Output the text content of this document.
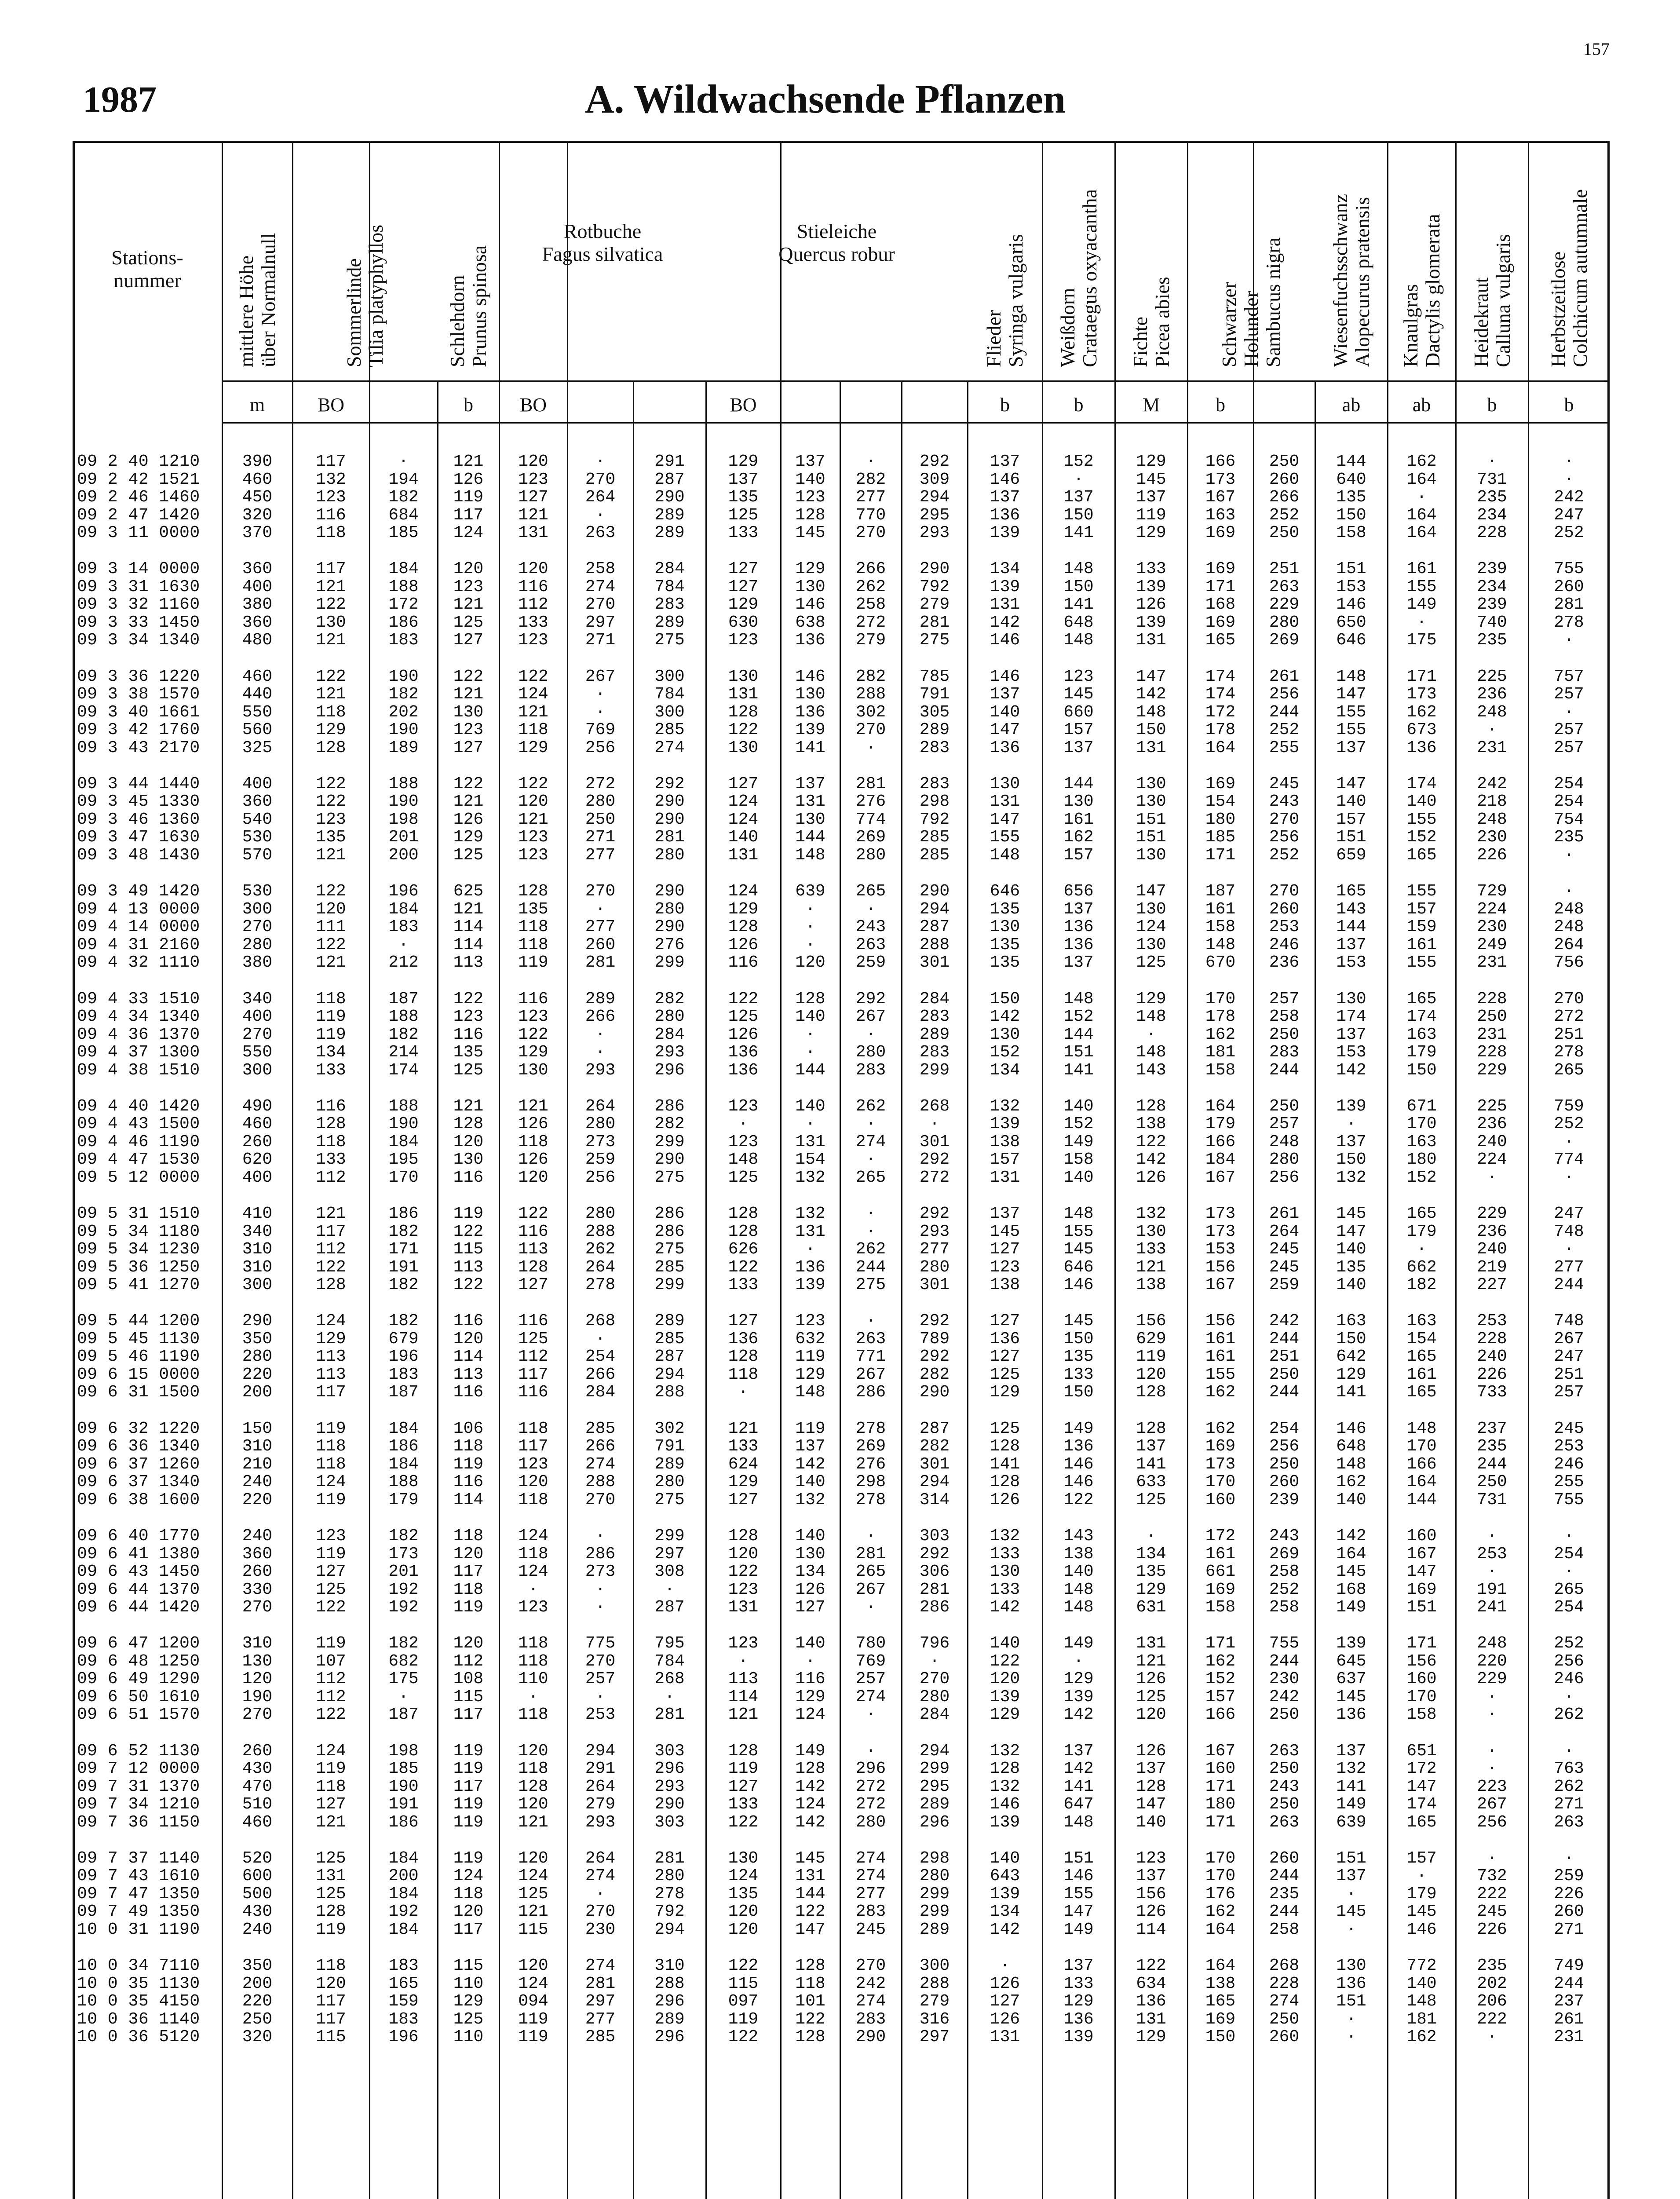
157
1987	A. Wildwachsende Pflanzen
Stations-
nummer
mittlere Höhe
über Normalnull
m
Sommerlinde
Tilia platyphyllos
BO
Schlehdorn
Prunus spinosa
b
Rotbuche
Fagus silvatica
BO
Stieleiche
Quercus robur
BO
Flieder
Syringa vulgaris
b
Weißdorn
Crataegus oxyacantha
b
Fichte
Picea abies
M
Schwarzer
Holunder
Sambucus nigra
b
Wiesenfuchsschwanz
Alopecurus pratensis
ab
Knaulgras
Dactylis glomerata
ab
Heidekraut
Calluna vulgaris
b
Herbstzeitlose
Colchicum autumnale
b
09 2 40 1210	390	117	·	121	120	·	291	129	137	·	292	137	152	129	166	250	144	162	·	·
09 2 42 1521	460	132	194	126	123	270	287	137	140	282	309	146	·	145	173	260	640	164	731	·
09 2 46 1460	450	123	182	119	127	264	290	135	123	277	294	137	137	137	167	266	135	·	235	242
09 2 47 1420	320	116	684	117	121	·	289	125	128	770	295	136	150	119	163	252	150	164	234	247
09 3 11 0000	370	118	185	124	131	263	289	133	145	270	293	139	141	129	169	250	158	164	228	252
09 3 14 0000	360	117	184	120	120	258	284	127	129	266	290	134	148	133	169	251	151	161	239	755
09 3 31 1630	400	121	188	123	116	274	784	127	130	262	792	139	150	139	171	263	153	155	234	260
09 3 32 1160	380	122	172	121	112	270	283	129	146	258	279	131	141	126	168	229	146	149	239	281
09 3 33 1450	360	130	186	125	133	297	289	630	638	272	281	142	648	139	169	280	650	·	740	278
09 3 34 1340	480	121	183	127	123	271	275	123	136	279	275	146	148	131	165	269	646	175	235	·
09 3 36 1220	460	122	190	122	122	267	300	130	146	282	785	146	123	147	174	261	148	171	225	757
09 3 38 1570	440	121	182	121	124	·	784	131	130	288	791	137	145	142	174	256	147	173	236	257
09 3 40 1661	550	118	202	130	121	·	300	128	136	302	305	140	660	148	172	244	155	162	248	·
09 3 42 1760	560	129	190	123	118	769	285	122	139	270	289	147	157	150	178	252	155	673	·	257
09 3 43 2170	325	128	189	127	129	256	274	130	141	·	283	136	137	131	164	255	137	136	231	257
09 3 44 1440	400	122	188	122	122	272	292	127	137	281	283	130	144	130	169	245	147	174	242	254
09 3 45 1330	360	122	190	121	120	280	290	124	131	276	298	131	130	130	154	243	140	140	218	254
09 3 46 1360	540	123	198	126	121	250	290	124	130	774	792	147	161	151	180	270	157	155	248	754
09 3 47 1630	530	135	201	129	123	271	281	140	144	269	285	155	162	151	185	256	151	152	230	235
09 3 48 1430	570	121	200	125	123	277	280	131	148	280	285	148	157	130	171	252	659	165	226	·
09 3 49 1420	530	122	196	625	128	270	290	124	639	265	290	646	656	147	187	270	165	155	729	·
09 4 13 0000	300	120	184	121	135	·	280	129	·	·	294	135	137	130	161	260	143	157	224	248
09 4 14 0000	270	111	183	114	118	277	290	128	·	243	287	130	136	124	158	253	144	159	230	248
09 4 31 2160	280	122	·	114	118	260	276	126	·	263	288	135	136	130	148	246	137	161	249	264
09 4 32 1110	380	121	212	113	119	281	299	116	120	259	301	135	137	125	670	236	153	155	231	756
09 4 33 1510	340	118	187	122	116	289	282	122	128	292	284	150	148	129	170	257	130	165	228	270
09 4 34 1340	400	119	188	123	123	266	280	125	140	267	283	142	152	148	178	258	174	174	250	272
09 4 36 1370	270	119	182	116	122	·	284	126	·	·	289	130	144	·	162	250	137	163	231	251
09 4 37 1300	550	134	214	135	129	·	293	136	·	280	283	152	151	148	181	283	153	179	228	278
09 4 38 1510	300	133	174	125	130	293	296	136	144	283	299	134	141	143	158	244	142	150	229	265
09 4 40 1420	490	116	188	121	121	264	286	123	140	262	268	132	140	128	164	250	139	671	225	759
09 4 43 1500	460	128	190	128	126	280	282	·	·	·	·	139	152	138	179	257	·	170	236	252
09 4 46 1190	260	118	184	120	118	273	299	123	131	274	301	138	149	122	166	248	137	163	240	·
09 4 47 1530	620	133	195	130	126	259	290	148	154	·	292	157	158	142	184	280	150	180	224	774
09 5 12 0000	400	112	170	116	120	256	275	125	132	265	272	131	140	126	167	256	132	152	·	·
09 5 31 1510	410	121	186	119	122	280	286	128	132	·	292	137	148	132	173	261	145	165	229	247
09 5 34 1180	340	117	182	122	116	288	286	128	131	·	293	145	155	130	173	264	147	179	236	748
09 5 34 1230	310	112	171	115	113	262	275	626	·	262	277	127	145	133	153	245	140	·	240	·
09 5 36 1250	310	122	191	113	128	264	285	122	136	244	280	123	646	121	156	245	135	662	219	277
09 5 41 1270	300	128	182	122	127	278	299	133	139	275	301	138	146	138	167	259	140	182	227	244
09 5 44 1200	290	124	182	116	116	268	289	127	123	·	292	127	145	156	156	242	163	163	253	748
09 5 45 1130	350	129	679	120	125	·	285	136	632	263	789	136	150	629	161	244	150	154	228	267
09 5 46 1190	280	113	196	114	112	254	287	128	119	771	292	127	135	119	161	251	642	165	240	247
09 6 15 0000	220	113	183	113	117	266	294	118	129	267	282	125	133	120	155	250	129	161	226	251
09 6 31 1500	200	117	187	116	116	284	288	·	148	286	290	129	150	128	162	244	141	165	733	257
09 6 32 1220	150	119	184	106	118	285	302	121	119	278	287	125	149	128	162	254	146	148	237	245
09 6 36 1340	310	118	186	118	117	266	791	133	137	269	282	128	136	137	169	256	648	170	235	253
09 6 37 1260	210	118	184	119	123	274	289	624	142	276	301	141	146	141	173	250	148	166	244	246
09 6 37 1340	240	124	188	116	120	288	280	129	140	298	294	128	146	633	170	260	162	164	250	255
09 6 38 1600	220	119	179	114	118	270	275	127	132	278	314	126	122	125	160	239	140	144	731	755
09 6 40 1770	240	123	182	118	124	·	299	128	140	·	303	132	143	·	172	243	142	160	·	·
09 6 41 1380	360	119	173	120	118	286	297	120	130	281	292	133	138	134	161	269	164	167	253	254
09 6 43 1450	260	127	201	117	124	273	308	122	134	265	306	130	140	135	661	258	145	147	·	·
09 6 44 1370	330	125	192	118	·	·	·	123	126	267	281	133	148	129	169	252	168	169	191	265
09 6 44 1420	270	122	192	119	123	·	287	131	127	·	286	142	148	631	158	258	149	151	241	254
09 6 47 1200	310	119	182	120	118	775	795	123	140	780	796	140	149	131	171	755	139	171	248	252
09 6 48 1250	130	107	682	112	118	270	784	·	·	769	·	122	·	121	162	244	645	156	220	256
09 6 49 1290	120	112	175	108	110	257	268	113	116	257	270	120	129	126	152	230	637	160	229	246
09 6 50 1610	190	112	·	115	·	·	·	114	129	274	280	139	139	125	157	242	145	170	·	·
09 6 51 1570	270	122	187	117	118	253	281	121	124	·	284	129	142	120	166	250	136	158	·	262
09 6 52 1130	260	124	198	119	120	294	303	128	149	·	294	132	137	126	167	263	137	651	·	·
09 7 12 0000	430	119	185	119	118	291	296	119	128	296	299	128	142	137	160	250	132	172	·	763
09 7 31 1370	470	118	190	117	128	264	293	127	142	272	295	132	141	128	171	243	141	147	223	262
09 7 34 1210	510	127	191	119	120	279	290	133	124	272	289	146	647	147	180	250	149	174	267	271
09 7 36 1150	460	121	186	119	121	293	303	122	142	280	296	139	148	140	171	263	639	165	256	263
09 7 37 1140	520	125	184	119	120	264	281	130	145	274	298	140	151	123	170	260	151	157	·	·
09 7 43 1610	600	131	200	124	124	274	280	124	131	274	280	643	146	137	170	244	137	·	732	259
09 7 47 1350	500	125	184	118	125	·	278	135	144	277	299	139	155	156	176	235	·	179	222	226
09 7 49 1350	430	128	192	120	121	270	792	120	122	283	299	134	147	126	162	244	145	145	245	260
10 0 31 1190	240	119	184	117	115	230	294	120	147	245	289	142	149	114	164	258	·	146	226	271
10 0 34 7110	350	118	183	115	120	274	310	122	128	270	300	·	137	122	164	268	130	772	235	749
10 0 35 1130	200	120	165	110	124	281	288	115	118	242	288	126	133	634	138	228	136	140	202	244
10 0 35 4150	220	117	159	129	094	297	296	097	101	274	279	127	129	136	165	274	151	148	206	237
10 0 36 1140	250	117	183	125	119	277	289	119	122	283	316	126	136	131	169	250	·	181	222	261
10 0 36 5120	320	115	196	110	119	285	296	122	128	290	297	131	139	129	150	260	·	162	·	231
